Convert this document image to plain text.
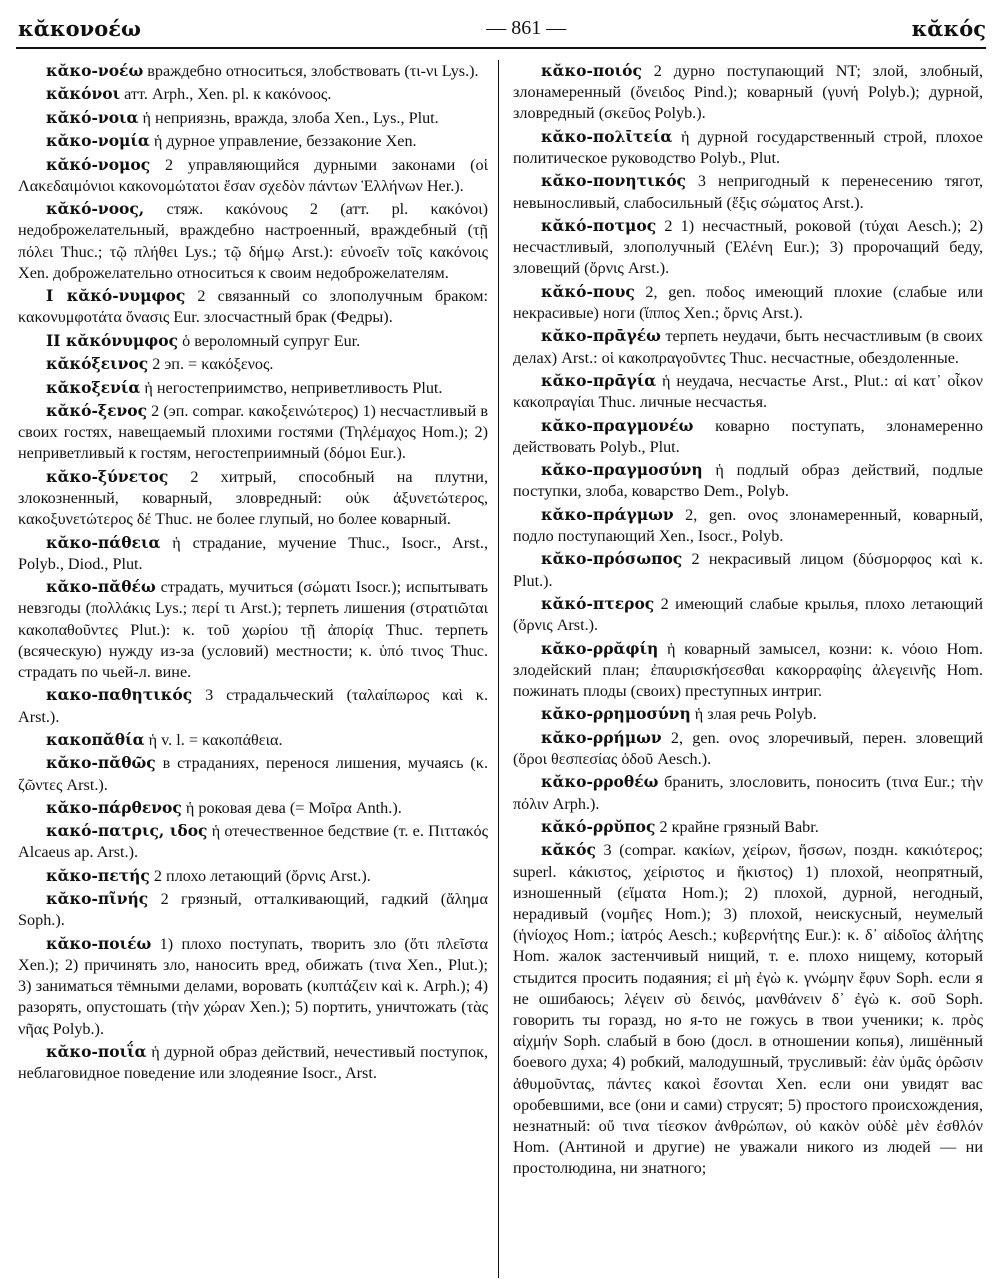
κᾰκονοέω	— 861 —	κᾰκός

κᾰκο-νοέω враждебно относиться, злобствовать (τι-νι Lys.).

κᾰκόνοι атт. Arph., Xen. pl. к κακόνοος.

κᾰκό-νοια ἡ неприязнь, вражда, злоба Xen., Lys., Plut.

κᾰκο-νομία ἡ дурное управление, беззаконие Xen.

κᾰκό-νομος 2 управляющийся дурными законами (οἱ Λακεδαιμόνιοι κακονομώτατοι ἔσαν σχεδὸν πάντων Ἑλλήνων Her.).

κᾰκό-νοος, стяж. κακόνους 2 (атт. pl. κακόνοι) недоброжелательный, враждебно настроенный, враждебный (τῇ πόλει Thuc.; τῷ πλήθει Lys.; τῷ δήμῳ Arst.): εὐνοεῖν τοῖς κακόνοις Xen. доброжелательно относиться к своим недоброжелателям.

I κᾰκό-νυμφος 2 связанный со злополучным браком: κακονυμφοτάτα ὄνασις Eur. злосчастный брак (Федры).

II κᾰκόνυμφος ὁ вероломный супруг Eur.

κᾰκόξεινος 2 эп. = κακόξενος.

κᾰκοξενία ἡ негостеприимство, неприветливость Plut.

κᾰκό-ξενος 2 (эп. compar. κακοξεινώτερος) 1) несчастливый в своих гостях, навещаемый плохими гостями (Τηλέμαχος Hom.); 2) неприветливый к гостям, негостеприимный (δόμοι Eur.).

κᾰκο-ξύνετος 2 хитрый, способный на плутни, злокозненный, коварный, зловредный: οὐκ ἀξυνετώτερος, κακοξυνετώτερος δέ Thuc. не более глупый, но более коварный.

κᾰκο-πάθεια ἡ страдание, мучение Thuc., Isocr., Arst., Polyb., Diod., Plut.

κᾰκο-πᾰθέω страдать, мучиться (σώματι Isocr.); испытывать невзгоды (πολλάκις Lys.; περί τι Arst.); терпеть лишения (στρατιῶται κακοπαθοῦντες Plut.): κ. τοῦ χωρίου τῇ ἀπορίᾳ Thuc. терпеть (всяческую) нужду из-за (условий) местности; κ. ὑπό τινος Thuc. страдать по чьей-л. вине.

κακο-παθητικός 3 страдальческий (ταλαίπωρος καὶ κ. Arst.).

κακοπᾰθία ἡ v. l. = κακοπάθεια.

κᾰκο-πᾰθῶς в страданиях, перенося лишения, мучаясь (κ. ζῶντες Arst.).

κᾰκο-πάρθενος ἡ роковая дева (= Μοῖρα Anth.).

κακό-πατρις, ιδος ἡ отечественное бедствие (т. е. Πιττακός Alcaeus ap. Arst.).

κᾰκο-πετής 2 плохо летающий (ὄρνις Arst.).

κᾰκο-πῖνής 2 грязный, отталкивающий, гадкий (ἄλημα Soph.).

κᾰκο-ποιέω 1) плохо поступать, творить зло (ὅτι πλεῖστα Xen.); 2) причинять зло, наносить вред, обижать (τινα Xen., Plut.); 3) заниматься тёмными делами, воровать (κυπτάζειν καὶ κ. Arph.); 4) разорять, опустошать (τὴν χώραν Xen.); 5) портить, уничтожать (τὰς νῆας Polyb.).

κᾰκο-ποιΐα ἡ дурной образ действий, нечестивый поступок, неблаговидное поведение или злодеяние Isocr., Arst.

κᾰκο-ποιός 2 дурно поступающий NT; злой, злобный, злонамеренный (ὄνειδος Pind.); коварный (γυνή Polyb.); дурной, зловредный (σκεῦος Polyb.).

κᾰκο-πολῑτεία ἡ дурной государственный строй, плохое политическое руководство Polyb., Plut.

κᾰκο-πονητικός 3 непригодный к перенесению тягот, невыносливый, слабосильный (ἕξις σώματος Arst.).

κᾰκό-ποτμος 2 1) несчастный, роковой (τύχαι Aesch.); 2) несчастливый, злополучный (Ἑλένη Eur.); 3) пророчащий беду, зловещий (ὄρνις Arst.).

κᾰκό-πους 2, gen. ποδος имеющий плохие (слабые или некрасивые) ноги (ἵππος Xen.; ὄρνις Arst.).

κᾰκο-πρᾱγέω терпеть неудачи, быть несчастливым (в своих делах) Arst.: οἱ κακοπραγοῦντες Thuc. несчастные, обездоленные.

κᾰκο-πρᾱγία ἡ неудача, несчастье Arst., Plut.: αἱ κατ᾽ οἶκον κακοπραγίαι Thuc. личные несчастья.

κᾰκο-πραγμονέω коварно поступать, злонамеренно действовать Polyb., Plut.

κᾰκο-πραγμοσύνη ἡ подлый образ действий, подлые поступки, злоба, коварство Dem., Polyb.

κᾰκο-πράγμων 2, gen. ονος злонамеренный, коварный, подло поступающий Xen., Isocr., Polyb.

κᾰκο-πρόσωπος 2 некрасивый лицом (δύσμορφος καὶ κ. Plut.).

κᾰκό-πτερος 2 имеющий слабые крылья, плохо летающий (ὄρνις Arst.).

κᾰκο-ρρᾰφίη ἡ коварный замысел, козни: κ. νόοιο Hom. злодейский план; ἐπαυρισκήσεσθαι κακορραφίης ἀλεγεινῆς Hom. пожинать плоды (своих) преступных интриг.

κᾰκο-ρρημοσύνη ἡ злая речь Polyb.

κᾰκο-ρρήμων 2, gen. ονος злоречивый, перен. зловещий (ὅροι θεσπεσίας ὁδοῦ Aesch.).

κᾰκο-ρροθέω бранить, злословить, поносить (τινα Eur.; τὴν πόλιν Arph.).

κᾰκό-ρρῠπος 2 крайне грязный Babr.

κᾰκός 3 (compar. κακίων, χείρων, ἥσσων, поздн. κακιότερος; superl. κάκιστος, χείριστος и ἥκιστος) 1) плохой, неопрятный, изношенный (εἵματα Hom.); 2) плохой, дурной, негодный, нерадивый (νομῆες Hom.); 3) плохой, неискусный, неумелый (ἡνίοχος Hom.; ἰατρός Aesch.; κυβερνήτης Eur.): κ. δ᾽ αἰδοῖος ἀλήτης Hom. жалок застенчивый нищий, т. е. плохо нищему, который стыдится просить подаяния; εἰ μὴ ἐγὼ κ. γνώμην ἔφυν Soph. если я не ошибаюсь; λέγειν σὺ δεινός, μανθάνειν δ᾽ ἐγὼ κ. σοῦ Soph. говорить ты горазд, но я-то не гожусь в твои ученики; κ. πρὸς αἰχμήν Soph. слабый в бою (досл. в отношении копья), лишённый боевого духа; 4) робкий, малодушный, трусливый: ἐὰν ὑμᾶς ὁρῶσιν ἀθυμοῦντας, πάντες κακοὶ ἔσονται Xen. если они увидят вас оробевшими, все (они и сами) струсят; 5) простого происхождения, незнатный: οὔ τινα τίεσκον ἀνθρώπων, οὐ κακὸν οὐδὲ μὲν ἐσθλόν Hom. (Антиной и другие) не уважали никого из людей — ни простолюдина, ни знатного;
